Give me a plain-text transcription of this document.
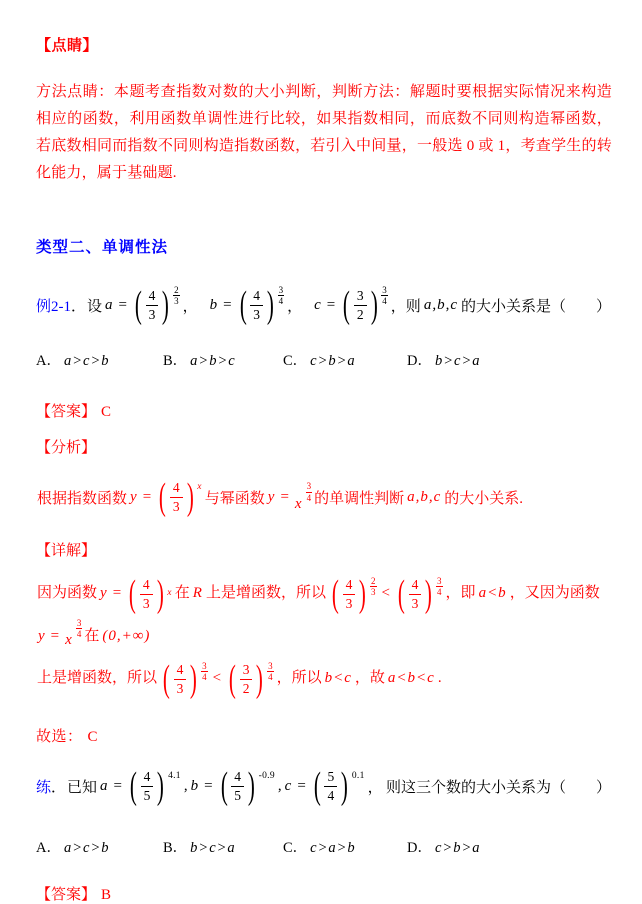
【点睛】

方法点睛：本题考查指数对数的大小判断，判断方法：解题时要根据实际情况来构造相应的函数，利用函数单调性进行比较，如果指数相同，而底数不同则构造幂函数，若底数相同而指数不同则构造指数函数，若引入中间量，一般选 0 或 1，考查学生的转化能力，属于基础题.

类型二、单调性法
例2-1 ． 设 a = ( $\frac{4}{3}$ ) $\frac{2}{3}$ ， b = ( $\frac{4}{3}$ ) $\frac{3}{4}$ ， c = ( $\frac{3}{2}$ ) $\frac{3}{4}$ ，则 a,b,c 的大小关系是（　　）
A． a>c>b	B． a>b>c	C． c>b>a	D． b>c>a
【答案】 C
【分析】
根据指数函数 y = ( $\frac{4}{3}$ ) x
与幂函数 y = x
$\frac{3}{4}$ 的单调性判断 a,b,c 的大小关系.
【详解】
因为函数 y = ( $\frac{4}{3}$ ) x 在 R 上是增函数，所以 ( $\frac{4}{3}$ ) $\frac{2}{3}$ < ( $\frac{4}{3}$ ) $\frac{3}{4}$ ，即 a<b ，又因为函数y = x
$\frac{3}{4}$ 在 (0,+∞)
上是增函数，所以 ( $\frac{4}{3}$ ) $\frac{3}{4}$ < ( $\frac{3}{2}$ ) $\frac{3}{4}$ ，所以 b<c ，故 a<b<c .
故选： C
练 ． 已知 a = ( $\frac{4}{5}$ ) 4.1
, b = ( $\frac{4}{5}$ ) -0.9
, c = ( $\frac{5}{4}$ ) 0.1
， 则这三个数的大小关系为（　　）
A． a>c>b	B． b>c>a	C． c>a>b	D． c>b>a
【答案】 B
